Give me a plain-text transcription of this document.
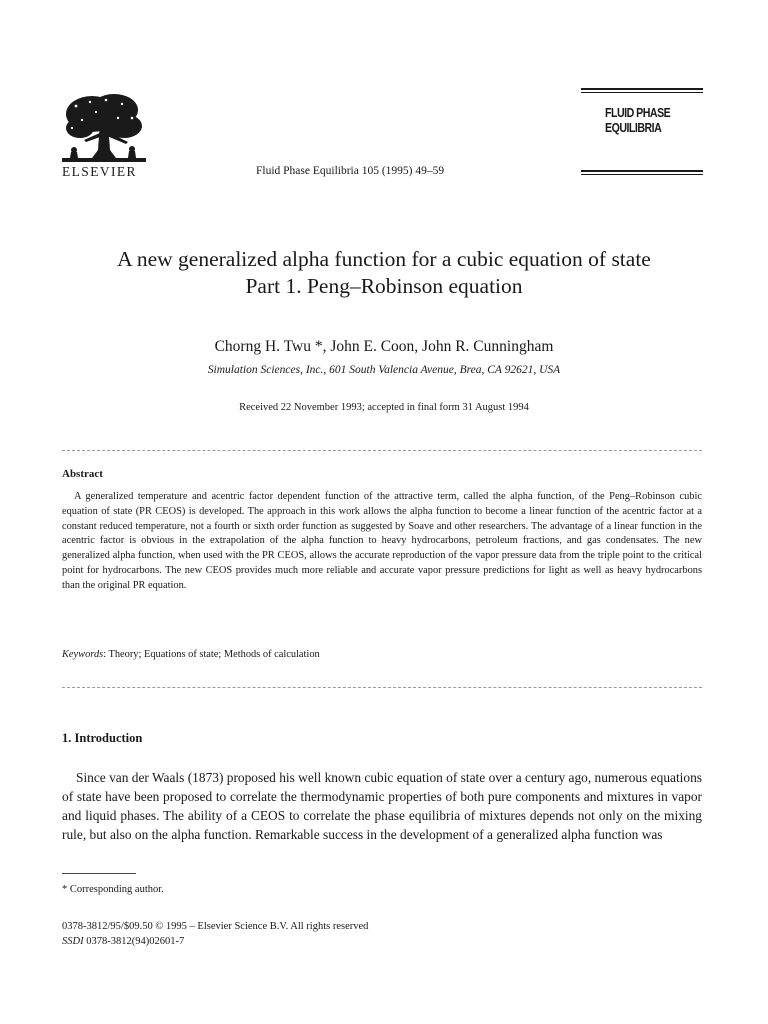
ELSEVIER	Fluid Phase Equilibria 105 (1995) 49–59
FLUID PHASE
EQUILIBRIA
A new generalized alpha function for a cubic equation of state
Part 1. Peng–Robinson equation
Chorng H. Twu *, John E. Coon, John R. Cunningham
Simulation Sciences, Inc., 601 South Valencia Avenue, Brea, CA 92621, USA
Received 22 November 1993; accepted in final form 31 August 1994
Abstract
A generalized temperature and acentric factor dependent function of the attractive term, called the alpha function, of the Peng–Robinson cubic equation of state (PR CEOS) is developed. The approach in this work allows the alpha function to become a linear function of the acentric factor at a constant reduced temperature, not a fourth or sixth order function as suggested by Soave and other researchers. The advantage of a linear function in the acentric factor is obvious in the extrapolation of the alpha function to heavy hydrocarbons, petroleum fractions, and gas condensates. The new generalized alpha function, when used with the PR CEOS, allows the accurate reproduction of the vapor pressure data from the triple point to the critical point for hydrocarbons. The new CEOS provides much more reliable and accurate vapor pressure predictions for light as well as heavy hydrocarbons than the original PR equation.
Keywords: Theory; Equations of state; Methods of calculation
1. Introduction
Since van der Waals (1873) proposed his well known cubic equation of state over a century ago, numerous equations of state have been proposed to correlate the thermodynamic properties of both pure components and mixtures in vapor and liquid phases. The ability of a CEOS to correlate the phase equilibria of mixtures depends not only on the mixing rule, but also on the alpha function. Remarkable success in the development of a generalized alpha function was
* Corresponding author.
0378-3812/95/$09.50 © 1995 – Elsevier Science B.V. All rights reserved
SSDI 0378-3812(94)02601-7
